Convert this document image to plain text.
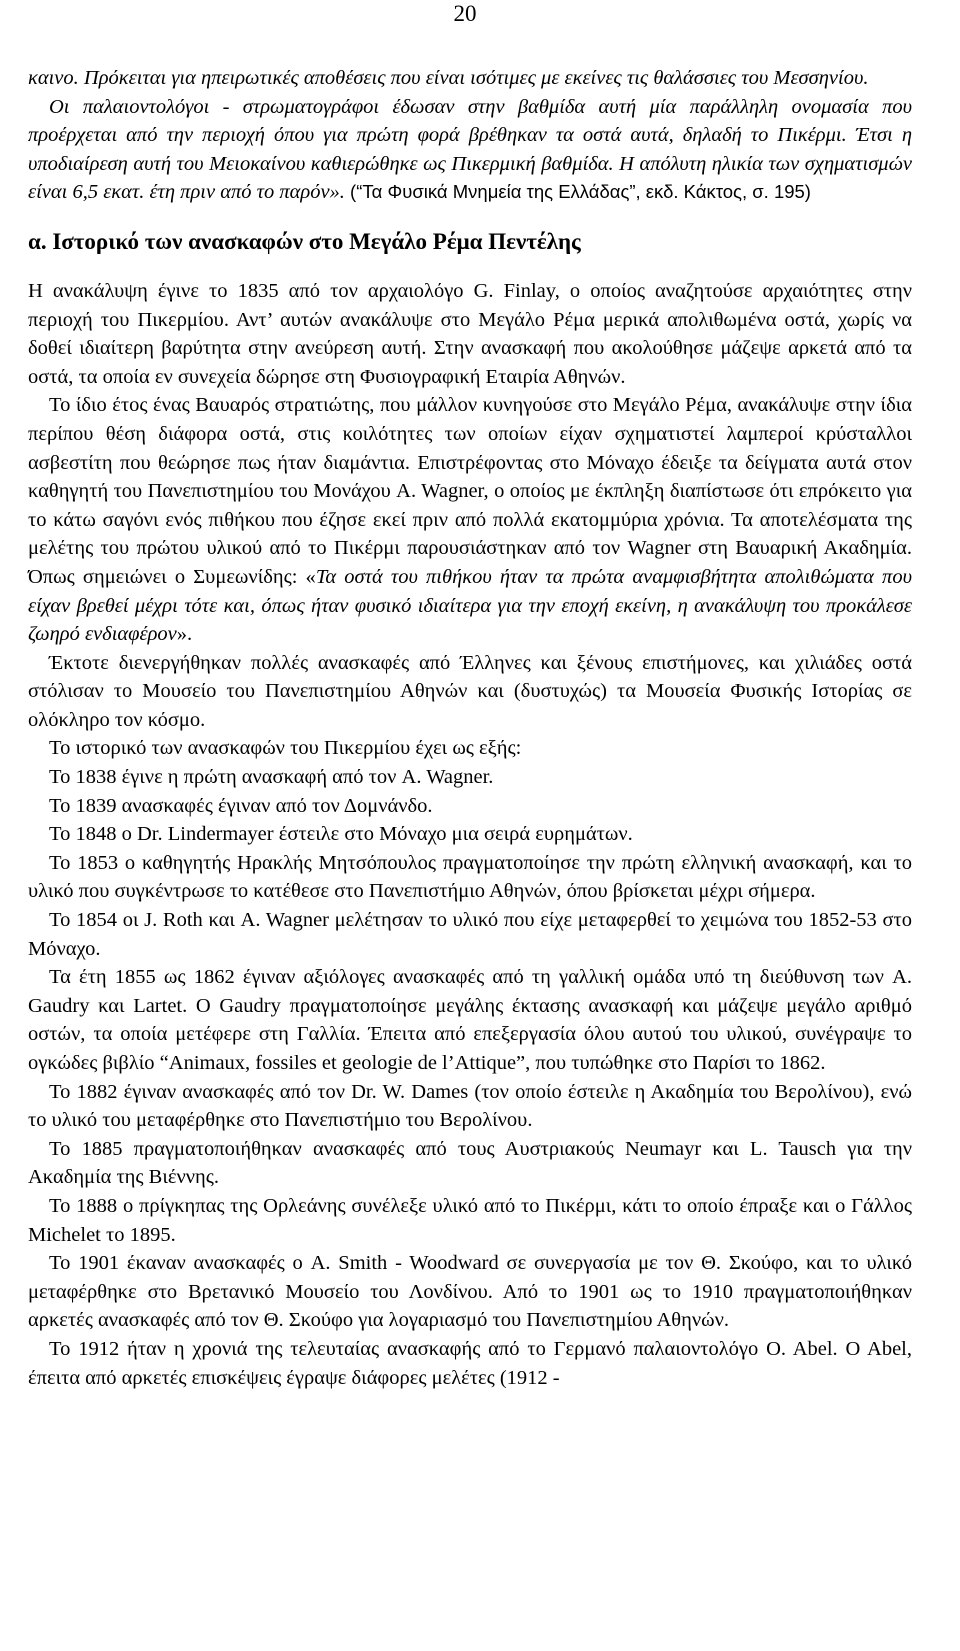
20

καινο. Πρόκειται για ηπειρωτικές αποθέσεις που είναι ισότιμες με εκείνες τις θαλάσσιες του Μεσσηνίου.

Οι παλαιοντολόγοι - στρωματογράφοι έδωσαν στην βαθμίδα αυτή μία παράλληλη ονομασία που προέρχεται από την περιοχή όπου για πρώτη φορά βρέθηκαν τα οστά αυτά, δηλαδή το Πικέρμι. Έτσι η υποδιαίρεση αυτή του Μειοκαίνου καθιερώθηκε ως Πικερμική βαθμίδα. Η απόλυτη ηλικία των σχηματισμών είναι 6,5 εκατ. έτη πριν από το παρόν». (“Τα Φυσικά Μνημεία της Ελλάδας”, εκδ. Κάκτος, σ. 195)

α. Ιστορικό των ανασκαφών στο Μεγάλο Ρέμα Πεντέλης

Η ανακάλυψη έγινε το 1835 από τον αρχαιολόγο G. Finlay, ο οποίος αναζητούσε αρχαιότητες στην περιοχή του Πικερμίου. Αντ’ αυτών ανακάλυψε στο Μεγάλο Ρέμα μερικά απολιθωμένα οστά, χωρίς να δοθεί ιδιαίτερη βαρύτητα στην ανεύρεση αυτή. Στην ανασκαφή που ακολούθησε μάζεψε αρκετά από τα οστά, τα οποία εν συνεχεία δώρησε στη Φυσιογραφική Εταιρία Αθηνών.

Το ίδιο έτος ένας Βαυαρός στρατιώτης, που μάλλον κυνηγούσε στο Μεγάλο Ρέμα, ανακάλυψε στην ίδια περίπου θέση διάφορα οστά, στις κοιλότητες των οποίων είχαν σχηματιστεί λαμπεροί κρύσταλλοι ασβεστίτη που θεώρησε πως ήταν διαμάντια. Επιστρέφοντας στο Μόναχο έδειξε τα δείγματα αυτά στον καθηγητή του Πανεπιστημίου του Μονάχου A. Wagner, ο οποίος με έκπληξη διαπίστωσε ότι επρόκειτο για το κάτω σαγόνι ενός πιθήκου που έζησε εκεί πριν από πολλά εκατομμύρια χρόνια. Τα αποτελέσματα της μελέτης του πρώτου υλικού από το Πικέρμι παρουσιάστηκαν από τον Wagner στη Βαυαρική Ακαδημία. Όπως σημειώνει ο Συμεωνίδης: «Τα οστά του πιθήκου ήταν τα πρώτα αναμφισβήτητα απολιθώματα που είχαν βρεθεί μέχρι τότε και, όπως ήταν φυσικό ιδιαίτερα για την εποχή εκείνη, η ανακάλυψη του προκάλεσε ζωηρό ενδιαφέρον».

Έκτοτε διενεργήθηκαν πολλές ανασκαφές από Έλληνες και ξένους επιστήμονες, και χιλιάδες οστά στόλισαν το Μουσείο του Πανεπιστημίου Αθηνών και (δυστυχώς) τα Μουσεία Φυσικής Ιστορίας σε ολόκληρο τον κόσμο.

Το ιστορικό των ανασκαφών του Πικερμίου έχει ως εξής:

Το 1838 έγινε η πρώτη ανασκαφή από τον A. Wagner.

Το 1839 ανασκαφές έγιναν από τον Δομνάνδο.

Το 1848 ο Dr. Lindermayer έστειλε στο Μόναχο μια σειρά ευρημάτων.

Το 1853 ο καθηγητής Ηρακλής Μητσόπουλος πραγματοποίησε την πρώτη ελληνική ανασκαφή, και το υλικό που συγκέντρωσε το κατέθεσε στο Πανεπιστήμιο Αθηνών, όπου βρίσκεται μέχρι σήμερα.

Το 1854 οι J. Roth και A. Wagner μελέτησαν το υλικό που είχε μεταφερθεί το χειμώνα του 1852-53 στο Μόναχο.

Τα έτη 1855 ως 1862 έγιναν αξιόλογες ανασκαφές από τη γαλλική ομάδα υπό τη διεύθυνση των A. Gaudry και Lartet. Ο Gaudry πραγματοποίησε μεγάλης έκτασης ανασκαφή και μάζεψε μεγάλο αριθμό οστών, τα οποία μετέφερε στη Γαλλία. Έπειτα από επεξεργασία όλου αυτού του υλικού, συνέγραψε το ογκώδες βιβλίο “Animaux, fossiles et geologie de l’Attique”, που τυπώθηκε στο Παρίσι το 1862.

Το 1882 έγιναν ανασκαφές από τον Dr. W. Dames (τον οποίο έστειλε η Ακαδημία του Βερολίνου), ενώ το υλικό του μεταφέρθηκε στο Πανεπιστήμιο του Βερολίνου.

Το 1885 πραγματοποιήθηκαν ανασκαφές από τους Αυστριακούς Neumayr και L. Tausch για την Ακαδημία της Βιέννης.

Το 1888 ο πρίγκηπας της Ορλεάνης συνέλεξε υλικό από το Πικέρμι, κάτι το οποίο έπραξε και ο Γάλλος Michelet το 1895.

Το 1901 έκαναν ανασκαφές ο A. Smith - Woodward σε συνεργασία με τον Θ. Σκούφο, και το υλικό μεταφέρθηκε στο Βρετανικό Μουσείο του Λονδίνου. Από το 1901 ως το 1910 πραγματοποιήθηκαν αρκετές ανασκαφές από τον Θ. Σκούφο για λογαριασμό του Πανεπιστημίου Αθηνών.

Το 1912 ήταν η χρονιά της τελευταίας ανασκαφής από το Γερμανό παλαιοντολόγο O. Abel. O Abel, έπειτα από αρκετές επισκέψεις έγραψε διάφορες μελέτες (1912 -
